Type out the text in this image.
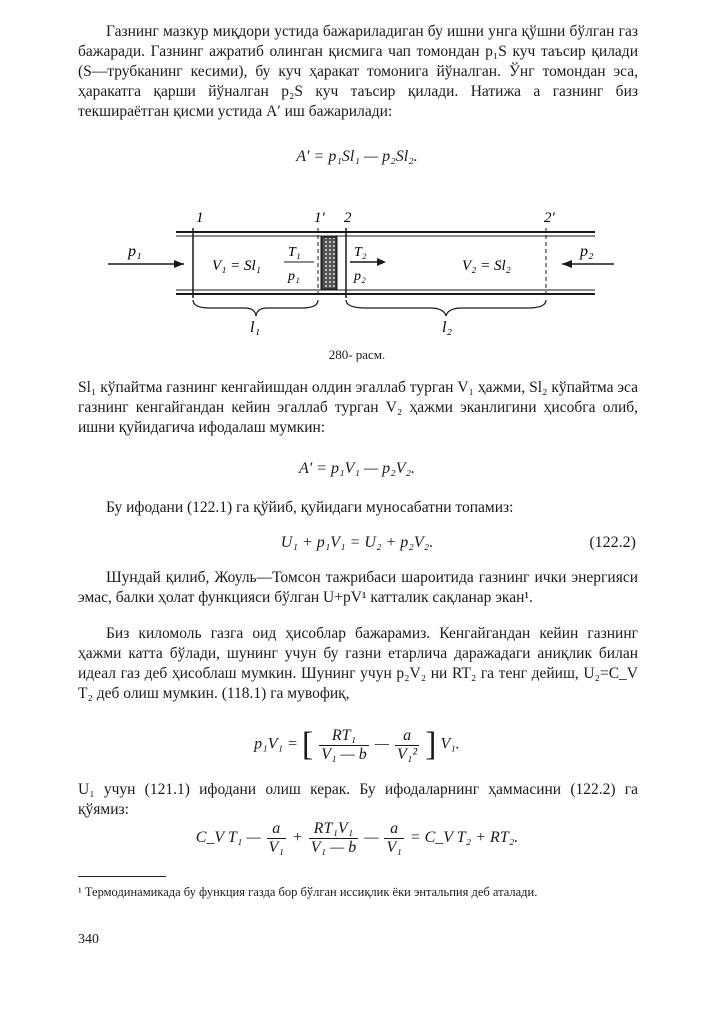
Газнинг мазкур миқдори устида бажариладиган бу ишни унга қўшни бўлган газ бажаради. Газнинг ажратиб олинган қисмига чап томондан p₁S куч таъсир қилади (S—трубканинг кесими), бу куч ҳаракат томонига йўналган. Ўнг томондан эса, ҳаракатга қарши йўналган p₂S куч таъсир қилади. Натижа а газнинг биз текшираётган қисми устида A′ иш бажарилади:

A′ = p₁Sl₁ — p₂Sl₂.
1	1′ 2	2′
p₁	p₂
V₁ = Sl₁
T₁
p₁
T₂
p₂
V₂ = Sl₂
l₁	l₂
280- расм.

Sl₁ кўпайтма газнинг кенгайишдан олдин эгаллаб турган V₁ ҳажми, Sl₂ кўпайтма эса газнинг кенгайгандан кейин эгаллаб турган V₂ ҳажми эканлигини ҳисобга олиб, ишни қуйидагича ифодалаш мумкин:

A′ = p₁V₁ — p₂V₂.

Бу ифодани (122.1) га қўйиб, қуйидаги муносабатни топамиз:

U₁ + p₁V₁ = U₂ + p₂V₂.	(122.2)

Шундай қилиб, Жоуль—Томсон тажрибаси шароитида газнинг ички энергияси эмас, балки ҳолат функцияси бўлган U+pV¹ катталик сақланар экан¹.

Биз киломоль газга оид ҳисоблар бажарамиз. Кенгайгандан кейин газнинг ҳажми катта бўлади, шунинг учун бу газни етарлича даражадаги аниқлик билан идеал газ деб ҳисоблаш мумкин. Шунинг учун p₂V₂ ни RT₂ га тенг дейиш, U₂=C_V T₂ деб олиш мумкин. (118.1) га мувофиқ,

p₁V₁ = [ $\frac{\text{RT₁}}{\text{V₁ — b}}$ — $\frac{a}{\text{V₁²}}$ ] V₁.

U₁ учун (121.1) ифодани олиш керак. Бу ифодаларнинг ҳаммасини (122.2) га қўямиз:

C_V T₁ — $\frac{a}{\text{V₁}} + \frac{\text{RT₁V₁}}{\text{V₁ — b}}$ — $\frac{a}{\text{V₁}}$ = C_V T₂ + RT₂.
¹ Термодинамикада бу функция газда бор бўлган иссиқлик ёки энтальпия деб аталади.
340
